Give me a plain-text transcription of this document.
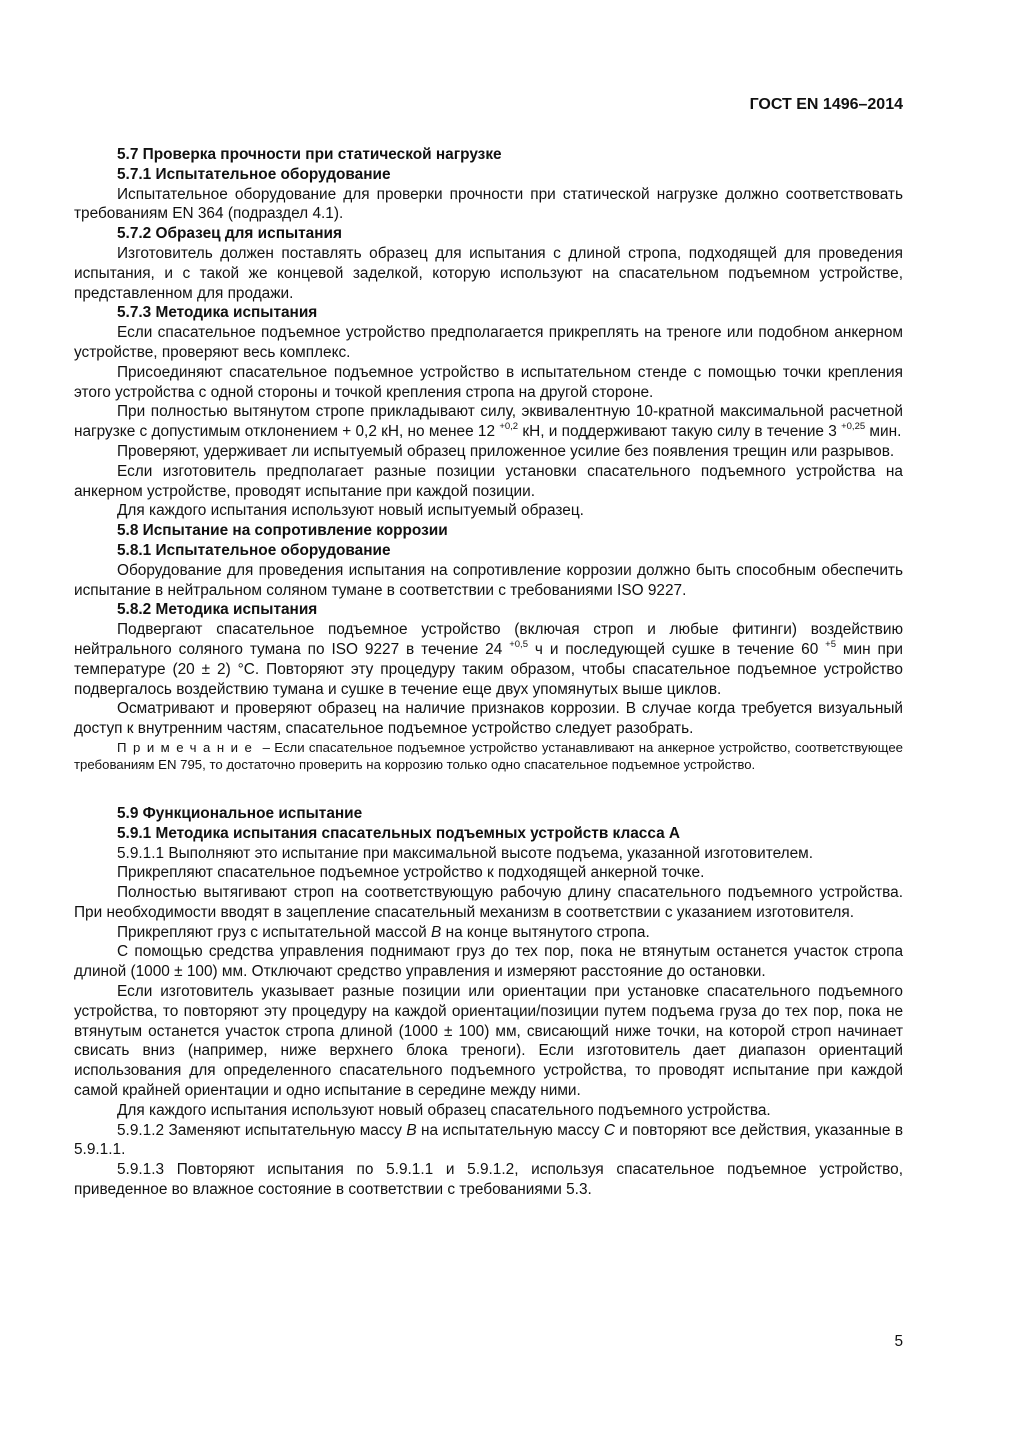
ГОСТ EN 1496–2014

5.7 Проверка прочности при статической нагрузке

5.7.1 Испытательное оборудование

Испытательное оборудование для проверки прочности при статической нагрузке должно соответствовать требованиям EN 364 (подраздел 4.1).

5.7.2 Образец для испытания

Изготовитель должен поставлять образец для испытания с длиной стропа, подходящей для проведения испытания, и с такой же концевой заделкой, которую используют на спасательном подъемном устройстве, представленном для продажи.

5.7.3 Методика испытания

Если спасательное подъемное устройство предполагается прикреплять на треноге или подобном анкерном устройстве, проверяют весь комплекс.

Присоединяют спасательное подъемное устройство в испытательном стенде с помощью точки крепления этого устройства с одной стороны и точкой крепления стропа на другой стороне.

При полностью вытянутом стропе прикладывают силу, эквивалентную 10-кратной максимальной расчетной нагрузке с допустимым отклонением + 0,2 кН, но менее 12 $^{+0,2}$ кН, и поддерживают такую силу в течение 3 $^{+0,25}$ мин.

Проверяют, удерживает ли испытуемый образец приложенное усилие без появления трещин или разрывов.

Если изготовитель предполагает разные позиции установки спасательного подъемного устройства на анкерном устройстве, проводят испытание при каждой позиции.

Для каждого испытания используют новый испытуемый образец.

5.8 Испытание на сопротивление коррозии

5.8.1 Испытательное оборудование

Оборудование для проведения испытания на сопротивление коррозии должно быть способным обеспечить испытание в нейтральном соляном тумане в соответствии с требованиями ISO 9227.

5.8.2 Методика испытания

Подвергают спасательное подъемное устройство (включая строп и любые фитинги) воздействию нейтрального соляного тумана по ISO 9227 в течение 24 $^{+0,5}$ ч и последующей сушке в течение 60 $^{+5}$ мин при температуре (20 ± 2) °С. Повторяют эту процедуру таким образом, чтобы спасательное подъемное устройство подвергалось воздействию тумана и сушке в течение еще двух упомянутых выше циклов.

Осматривают и проверяют образец на наличие признаков коррозии. В случае когда требуется визуальный доступ к внутренним частям, спасательное подъемное устройство следует разобрать.

Примечание – Если спасательное подъемное устройство устанавливают на анкерное устройство, соответствующее требованиям EN 795, то достаточно проверить на коррозию только одно спасательное подъемное устройство.

5.9 Функциональное испытание

5.9.1 Методика испытания спасательных подъемных устройств класса А

5.9.1.1 Выполняют это испытание при максимальной высоте подъема, указанной изготовителем.

Прикрепляют спасательное подъемное устройство к подходящей анкерной точке.

Полностью вытягивают строп на соответствующую рабочую длину спасательного подъемного устройства. При необходимости вводят в зацепление спасательный механизм в соответствии с указанием изготовителя.

Прикрепляют груз с испытательной массой В на конце вытянутого стропа.

С помощью средства управления поднимают груз до тех пор, пока не втянутым останется участок стропа длиной (1000 ± 100) мм. Отключают средство управления и измеряют расстояние до остановки.

Если изготовитель указывает разные позиции или ориентации при установке спасательного подъемного устройства, то повторяют эту процедуру на каждой ориентации/позиции путем подъема груза до тех пор, пока не втянутым останется участок стропа длиной (1000 ± 100) мм, свисающий ниже точки, на которой строп начинает свисать вниз (например, ниже верхнего блока треноги). Если изготовитель дает диапазон ориентаций использования для определенного спасательного подъемного устройства, то проводят испытание при каждой самой крайней ориентации и одно испытание в середине между ними.

Для каждого испытания используют новый образец спасательного подъемного устройства.

5.9.1.2 Заменяют испытательную массу В на испытательную массу С и повторяют все действия, указанные в 5.9.1.1.

5.9.1.3 Повторяют испытания по 5.9.1.1 и 5.9.1.2, используя спасательное подъемное устройство, приведенное во влажное состояние в соответствии с требованиями 5.3.

5
